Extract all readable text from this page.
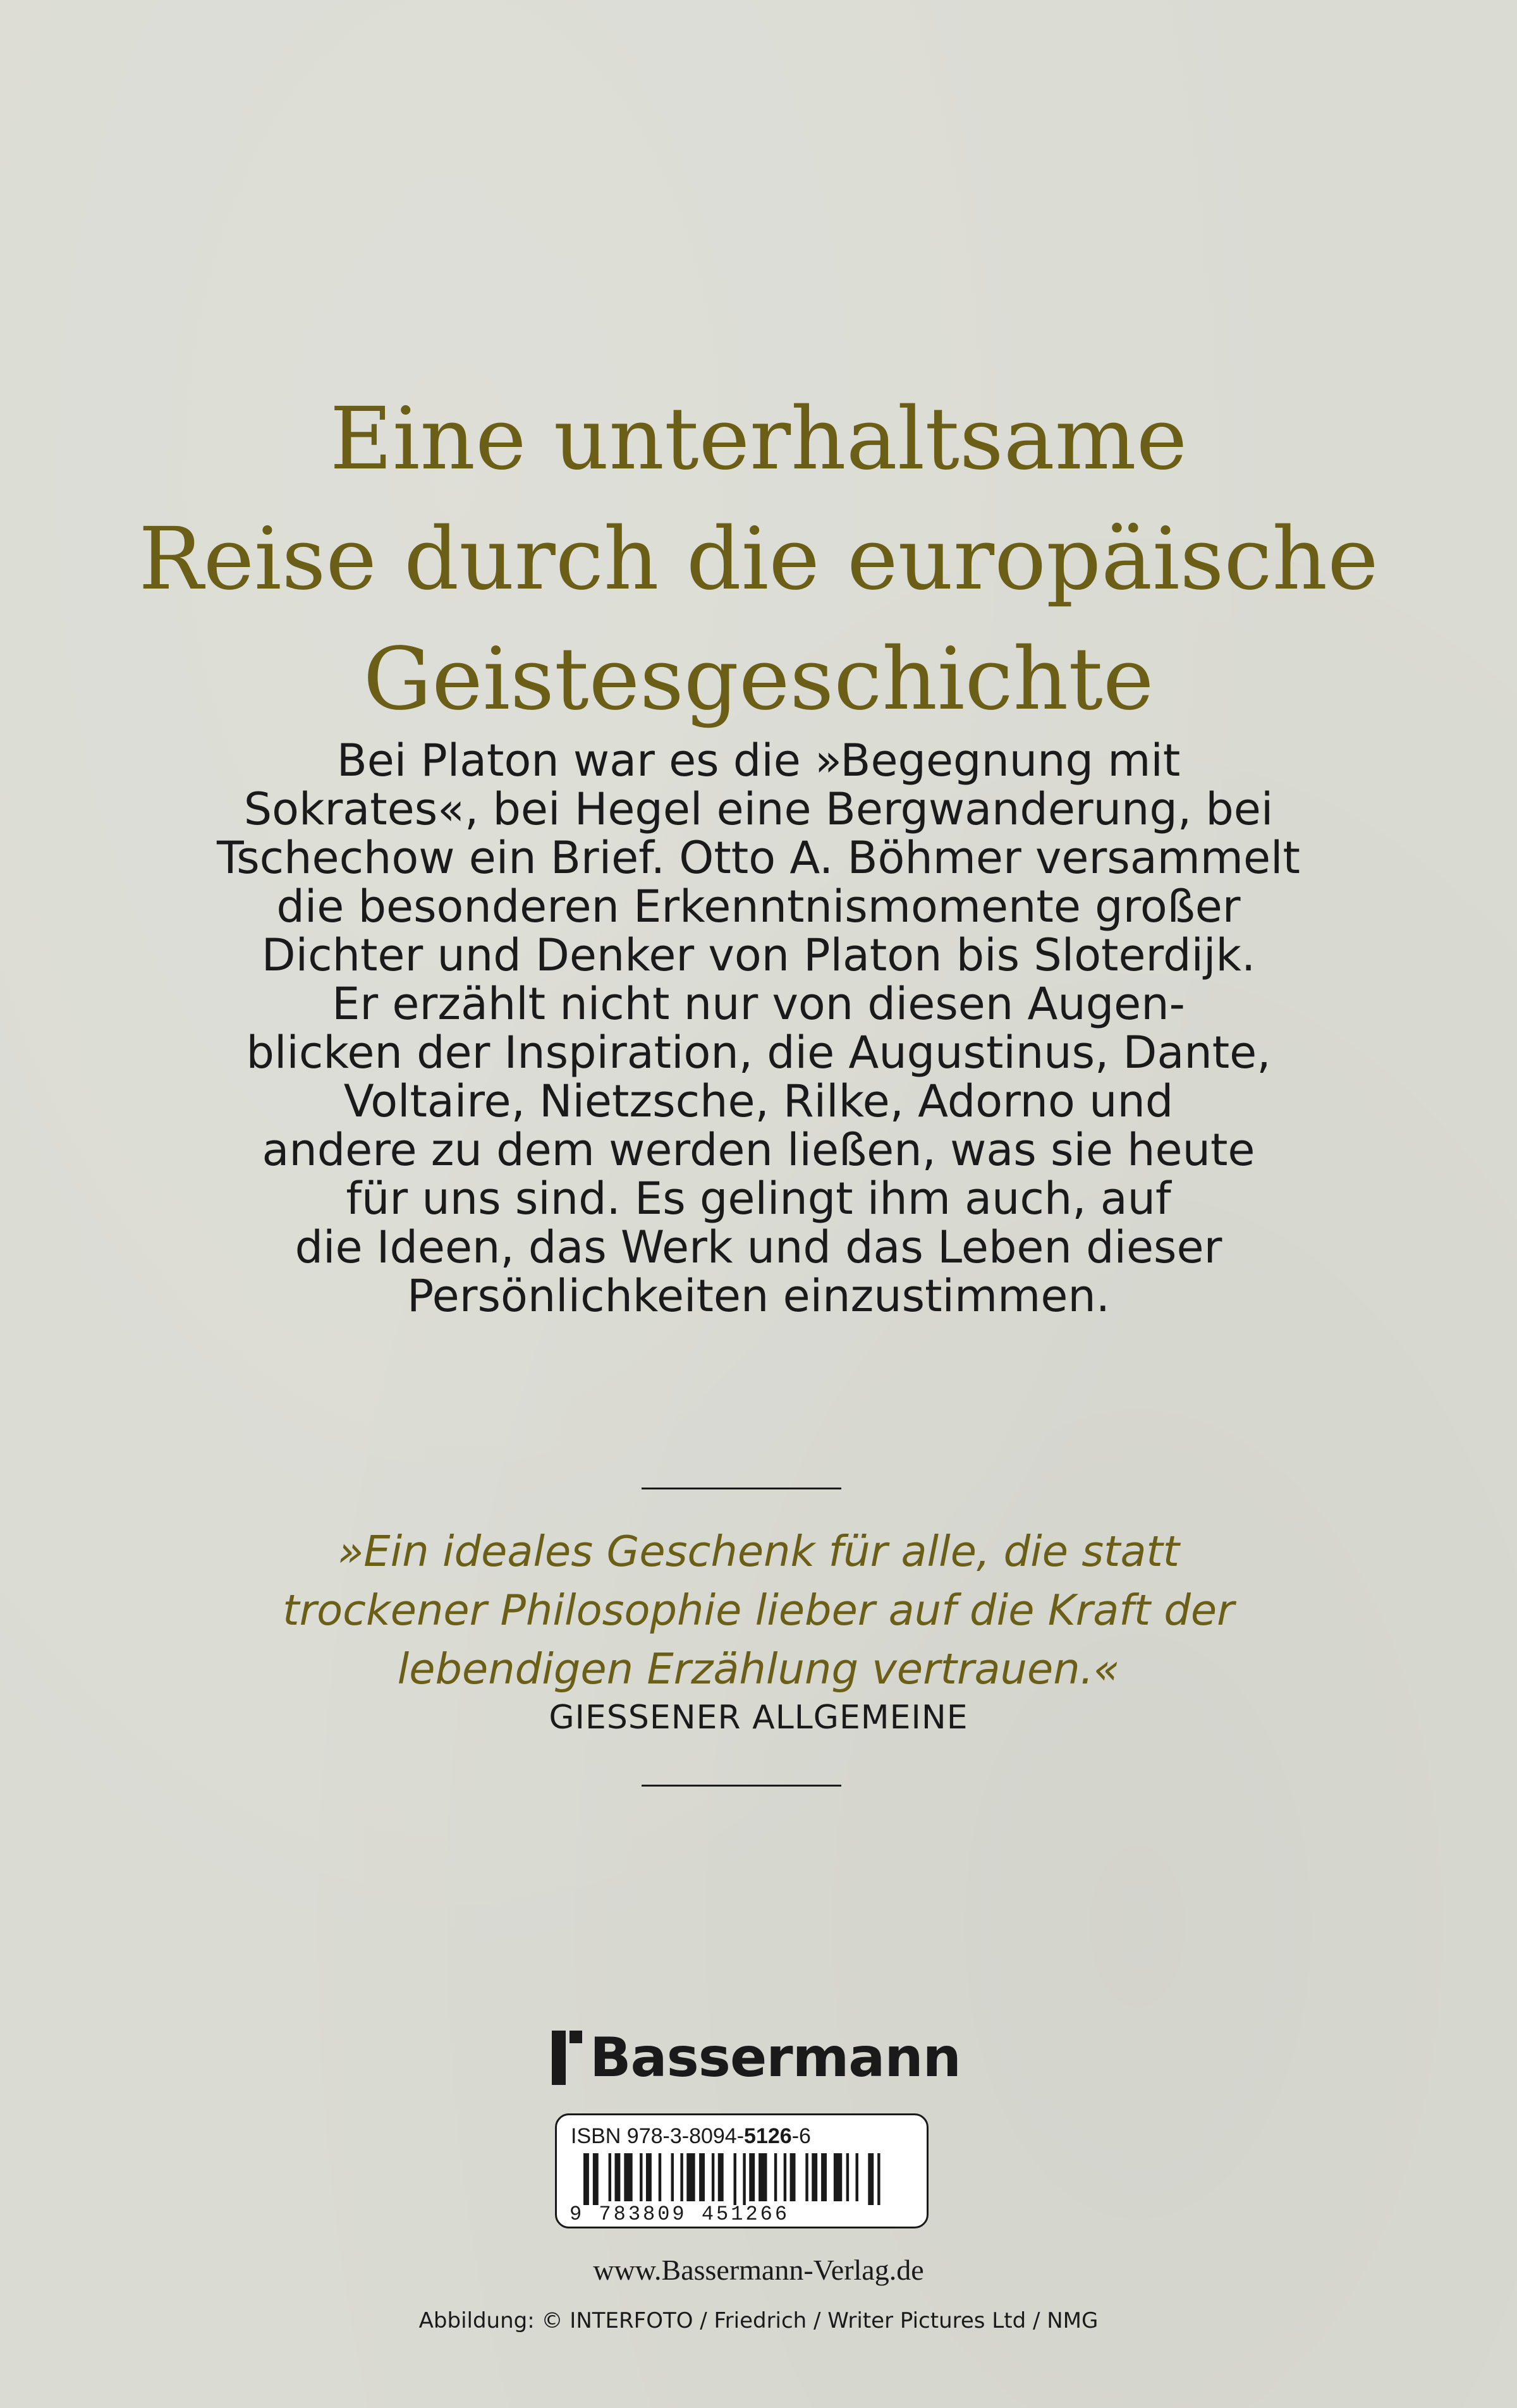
Eine unterhaltsame
Reise durch die europäische
Geistesgeschichte
Bei Platon war es die »Begegnung mit
Sokrates«, bei Hegel eine Bergwanderung, bei
Tschechow ein Brief. Otto A. Böhmer versammelt
die besonderen Erkenntnismomente großer
Dichter und Denker von Platon bis Sloterdijk.
Er erzählt nicht nur von diesen Augen-
blicken der Inspiration, die Augustinus, Dante,
Voltaire, Nietzsche, Rilke, Adorno und
andere zu dem werden ließen, was sie heute
für uns sind. Es gelingt ihm auch, auf
die Ideen, das Werk und das Leben dieser
Persönlichkeiten einzustimmen.
»Ein ideales Geschenk für alle, die statt
trockener Philosophie lieber auf die Kraft der
lebendigen Erzählung vertrauen.«
GIESSENER ALLGEMEINE
Bassermann
ISBN 978-3-8094-5126-6
9 783809 451266
www.Bassermann-Verlag.de
Abbildung: © INTERFOTO / Friedrich / Writer Pictures Ltd / NMG
